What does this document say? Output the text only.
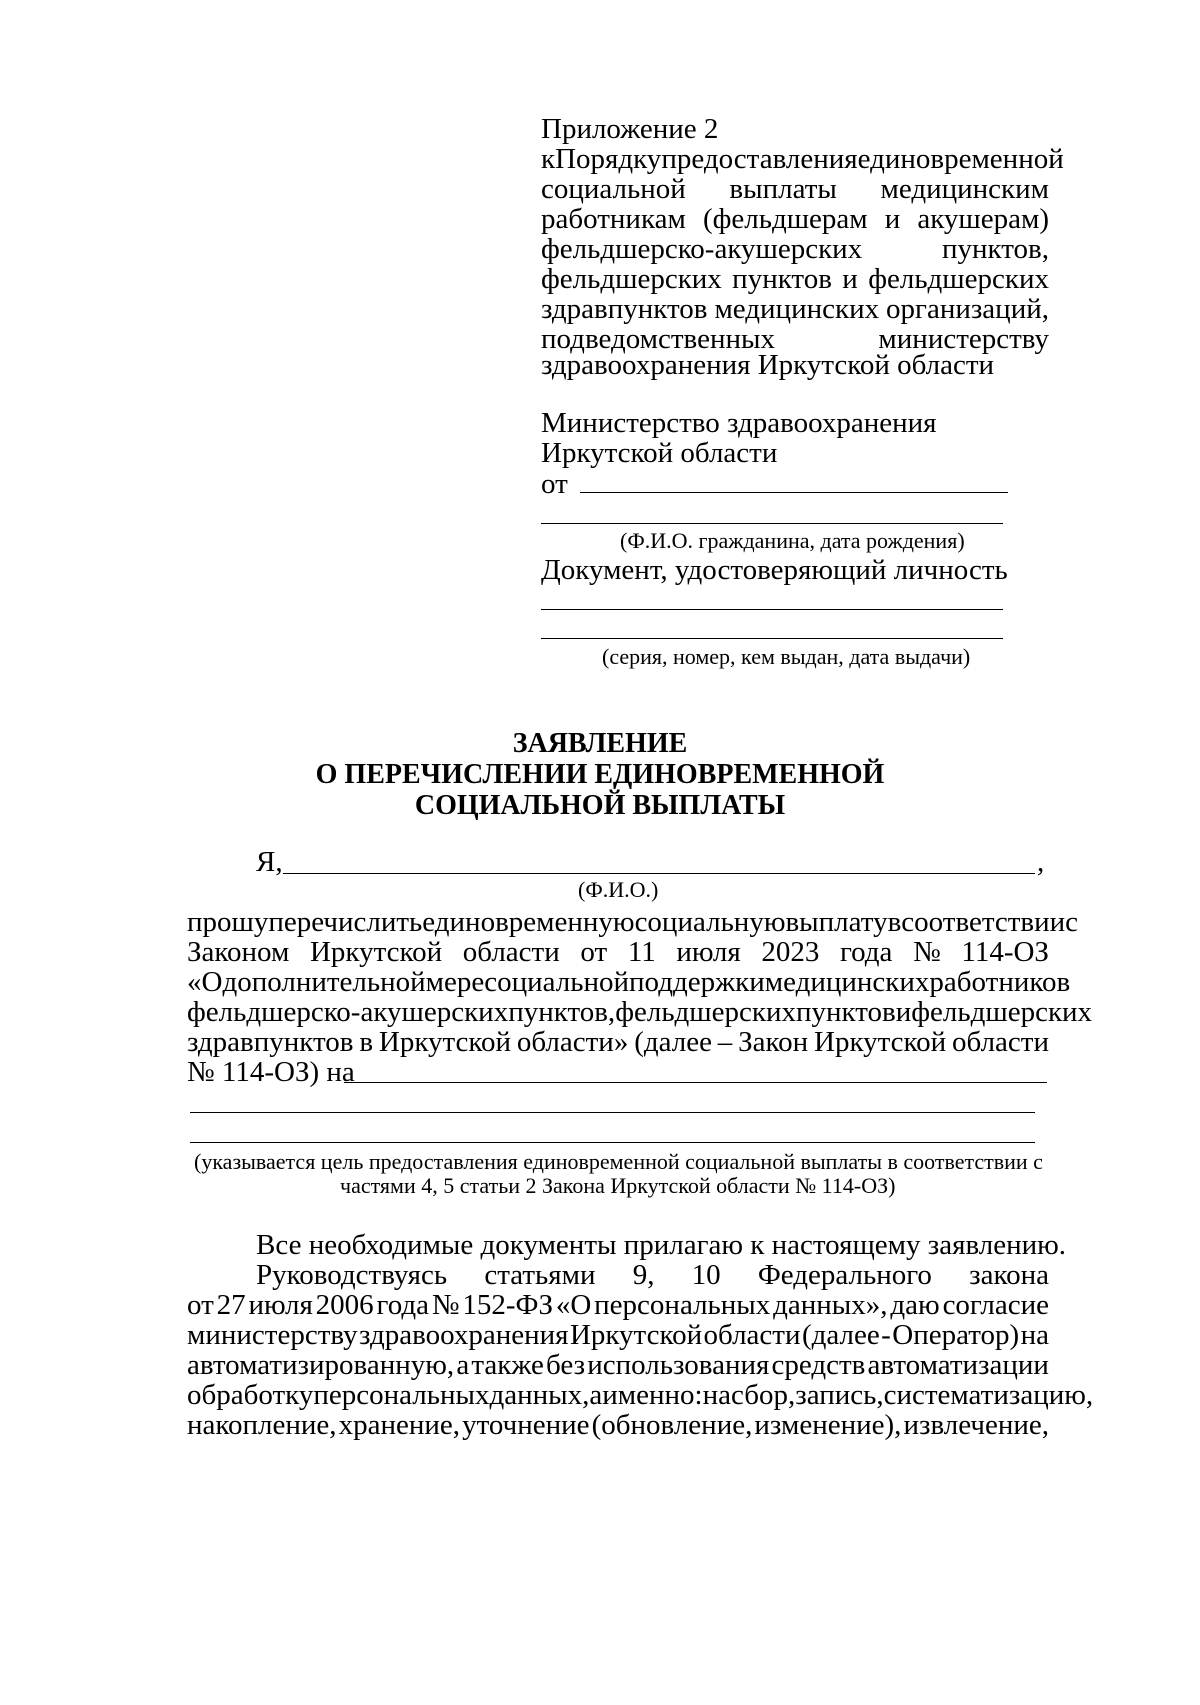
Приложение 2
к Порядку предоставления единовременной
социальной выплаты медицинским
работникам (фельдшерам и акушерам)
фельдшерско-акушерских	пунктов,
фельдшерских пунктов и фельдшерских
здравпунктов медицинских организаций,
подведомственных	министерству
здравоохранения Иркутской области
Министерство здравоохранения
Иркутской области
от
(Ф.И.О. гражданина, дата рождения)
Документ, удостоверяющий личность
(серия, номер, кем выдан, дата выдачи)
ЗАЯВЛЕНИЕ
О ПЕРЕЧИСЛЕНИИ ЕДИНОВРЕМЕННОЙ
СОЦИАЛЬНОЙ ВЫПЛАТЫ
Я,	,
(Ф.И.О.)
прошу перечислить единовременную социальную выплату в соответствии с
Законом Иркутской области от 11 июля 2023 года № 114-ОЗ
«О дополнительной мере социальной поддержки медицинских работников
фельдшерско-акушерских пунктов, фельдшерских пунктов и фельдшерских
здравпунктов в Иркутской области» (далее – Закон Иркутской области
№ 114-ОЗ) на
(указывается цель предоставления единовременной социальной выплаты в соответствии с
частями 4, 5 статьи 2 Закона Иркутской области № 114-ОЗ)
Все необходимые документы прилагаю к настоящему заявлению.
Руководствуясь статьями 9, 10 Федерального закона
от 27 июля 2006 года № 152-ФЗ «О персональных данных», даю согласие
министерству здравоохранения Иркутской области (далее - Оператор) на
автоматизированную, а также без использования средств автоматизации
обработку персональных данных, а именно: на сбор, запись, систематизацию,
накопление, хранение, уточнение (обновление, изменение), извлечение,
